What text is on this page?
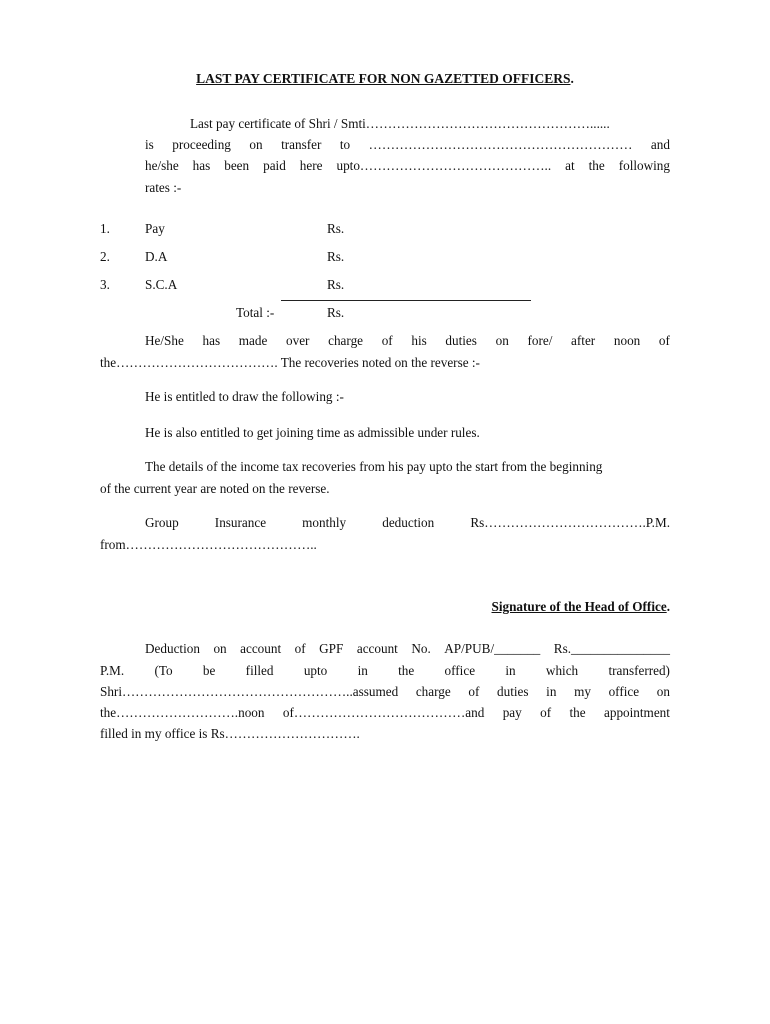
LAST PAY CERTIFICATE FOR NON GAZETTED OFFICERS.
Last pay certificate of Shri / Smti……………………………………………......
is proceeding on transfer to …………………………………………………… and
he/she has been paid here upto…………………………………….. at the following
rates :-
1.	Pay	Rs.
2.	D.A	Rs.
3.	S.C.A	Rs.
Total :-	Rs.
He/She has made over charge of his duties on fore/ after noon of
the………………………………. The recoveries noted on the reverse :-
He is entitled to draw the following :-
He is also entitled to get joining time as admissible under rules.
The details of the income tax recoveries from his pay upto the start from the beginning
of the current year are noted on the reverse.
Group	Insurance	monthly	deduction	Rs……………………………….P.M.
from……………………………………..
Signature of the Head of Office.
Deduction on account of GPF account No. AP/PUB/_______ Rs._______________
P.M. (To be filled upto in the office in which transferred)
Shri……………………………………………..assumed charge of duties in my office on
the……………………….noon of…………………………………and pay of the appointment
filled in my office is Rs………………………….
